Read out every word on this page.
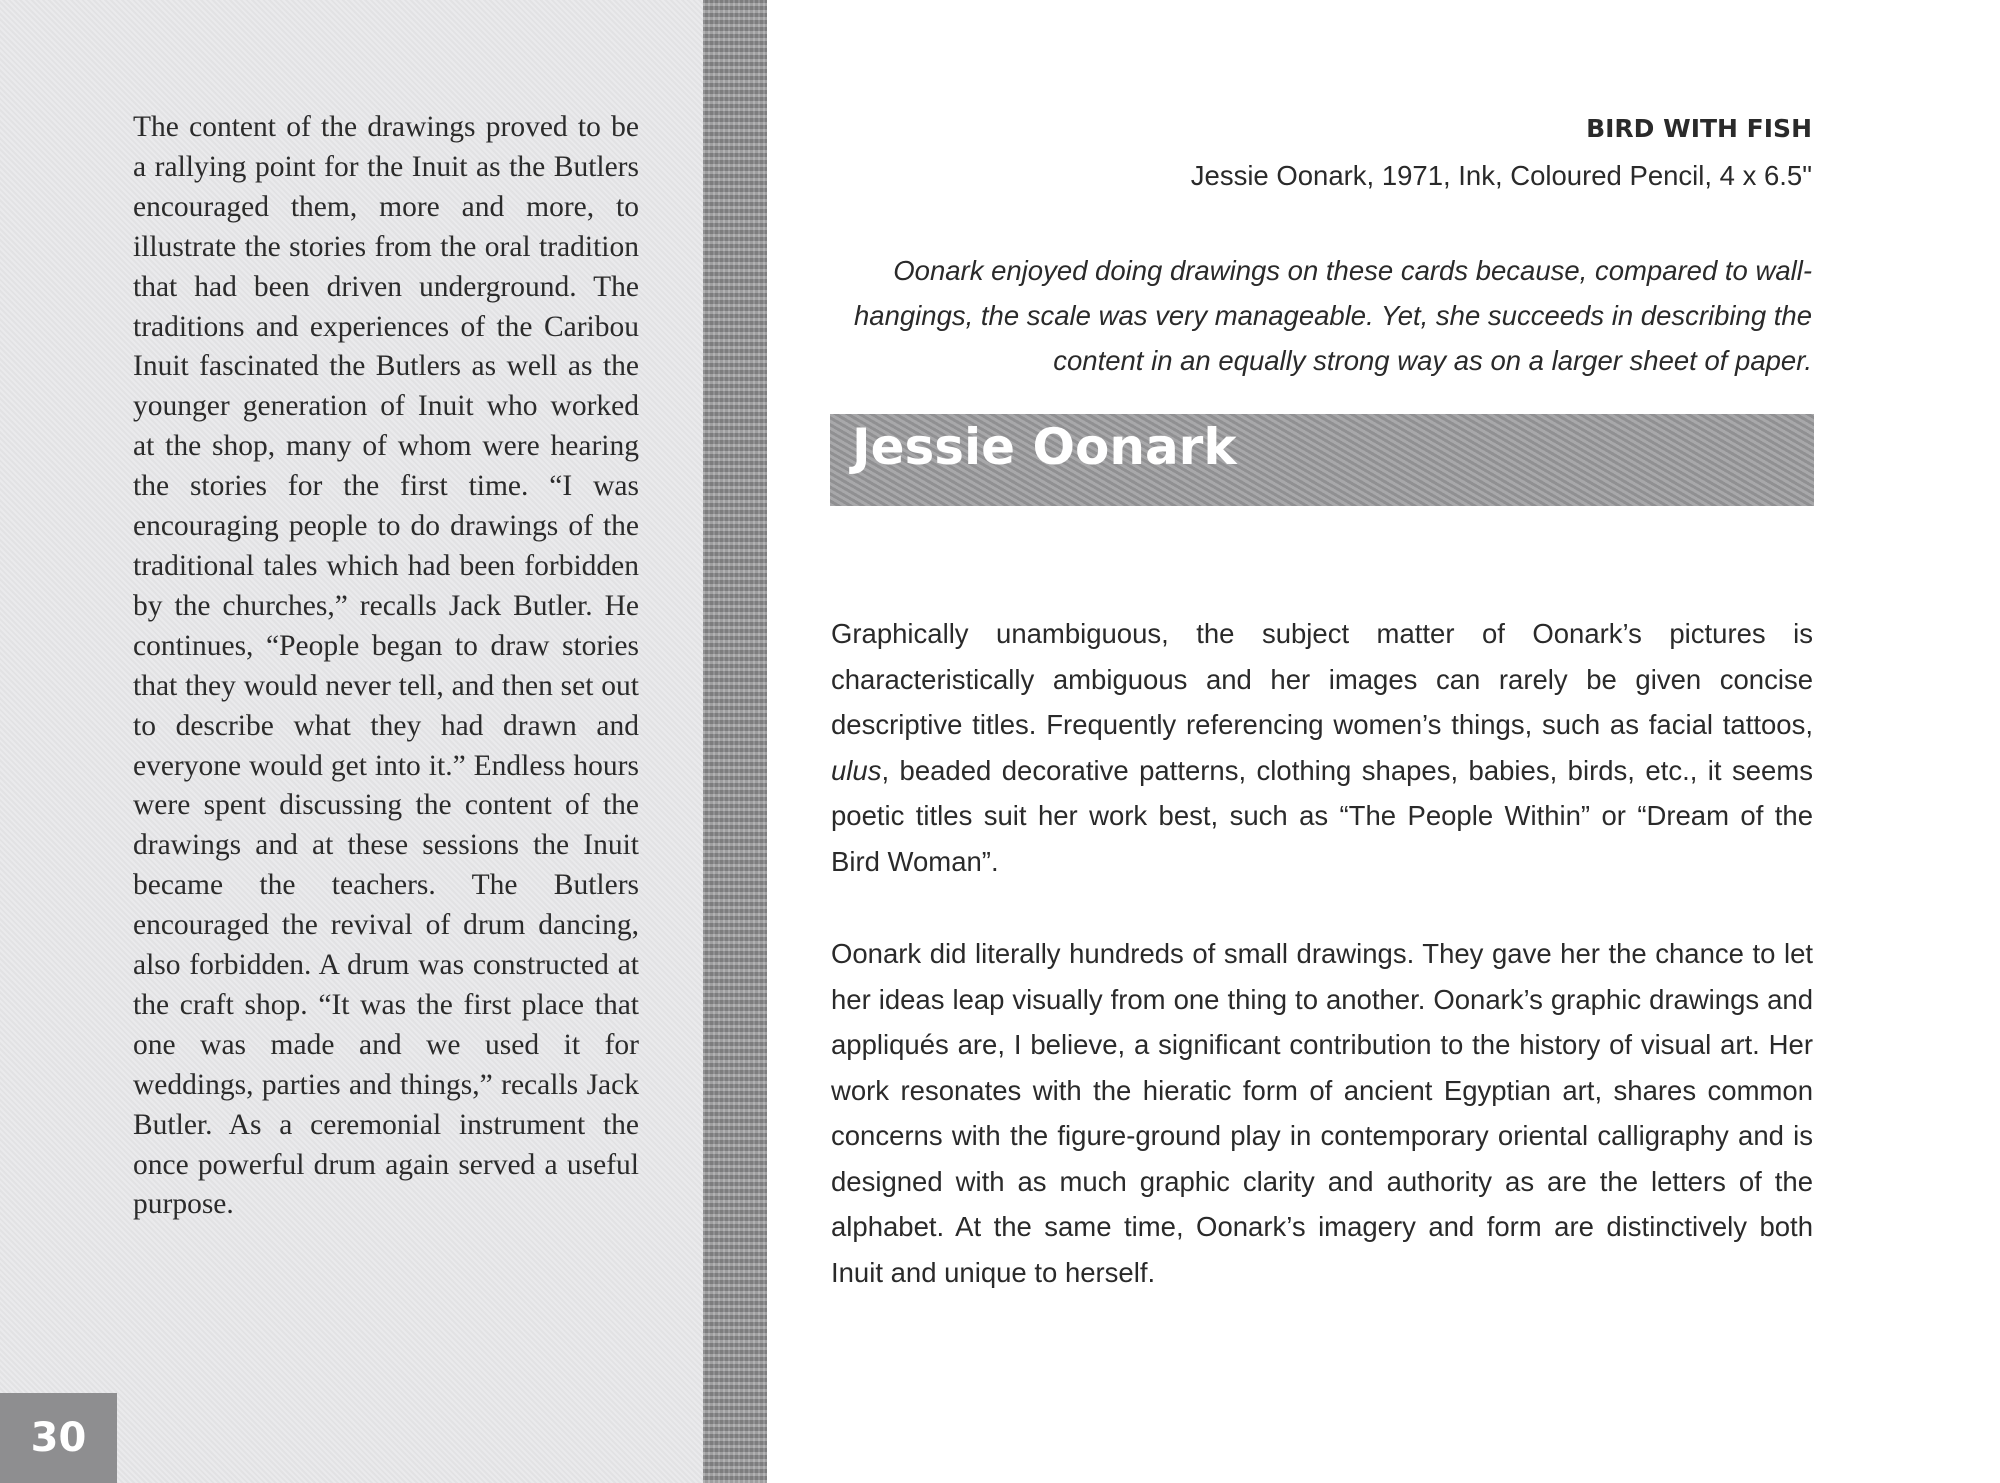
The content of the drawings proved to be a rallying point for the Inuit as the Butlers encouraged them, more and more, to illustrate the stories from the oral tradition that had been driven underground. The traditions and experiences of the Caribou Inuit fascinated the Butlers as well as the younger generation of Inuit who worked at the shop, many of whom were hearing the stories for the first time. “I was encouraging people to do drawings of the traditional tales which had been forbidden by the churches,” recalls Jack Butler. He continues, “People began to draw stories that they would never tell, and then set out to describe what they had drawn and everyone would get into it.” Endless hours were spent discussing the content of the drawings and at these sessions the Inuit became the teachers. The Butlers encouraged the revival of drum dancing, also forbidden. A drum was constructed at the craft shop. “It was the first place that one was made and we used it for weddings, parties and things,” recalls Jack Butler. As a ceremonial instrument the once powerful drum again served a useful purpose.

30

BIRD WITH FISH

Jessie Oonark, 1971, Ink, Coloured Pencil, 4 x 6.5"

Oonark enjoyed doing drawings on these cards because, compared to wall-hangings, the scale was very manageable. Yet, she succeeds in describing the content in an equally strong way as on a larger sheet of paper.

Jessie Oonark

Graphically unambiguous, the subject matter of Oonark’s pictures is characteristically ambiguous and her images can rarely be given concise descriptive titles. Frequently referencing women’s things, such as facial tattoos, ulus, beaded decorative patterns, clothing shapes, babies, birds, etc., it seems poetic titles suit her work best, such as “The People Within” or “Dream of the Bird Woman”.

Oonark did literally hundreds of small drawings. They gave her the chance to let her ideas leap visually from one thing to another. Oonark’s graphic drawings and appliqués are, I believe, a significant contribution to the history of visual art. Her work resonates with the hieratic form of ancient Egyptian art, shares common concerns with the figure-ground play in contemporary oriental calligraphy and is designed with as much graphic clarity and authority as are the letters of the alphabet. At the same time, Oonark’s imagery and form are distinctively both Inuit and unique to herself.
